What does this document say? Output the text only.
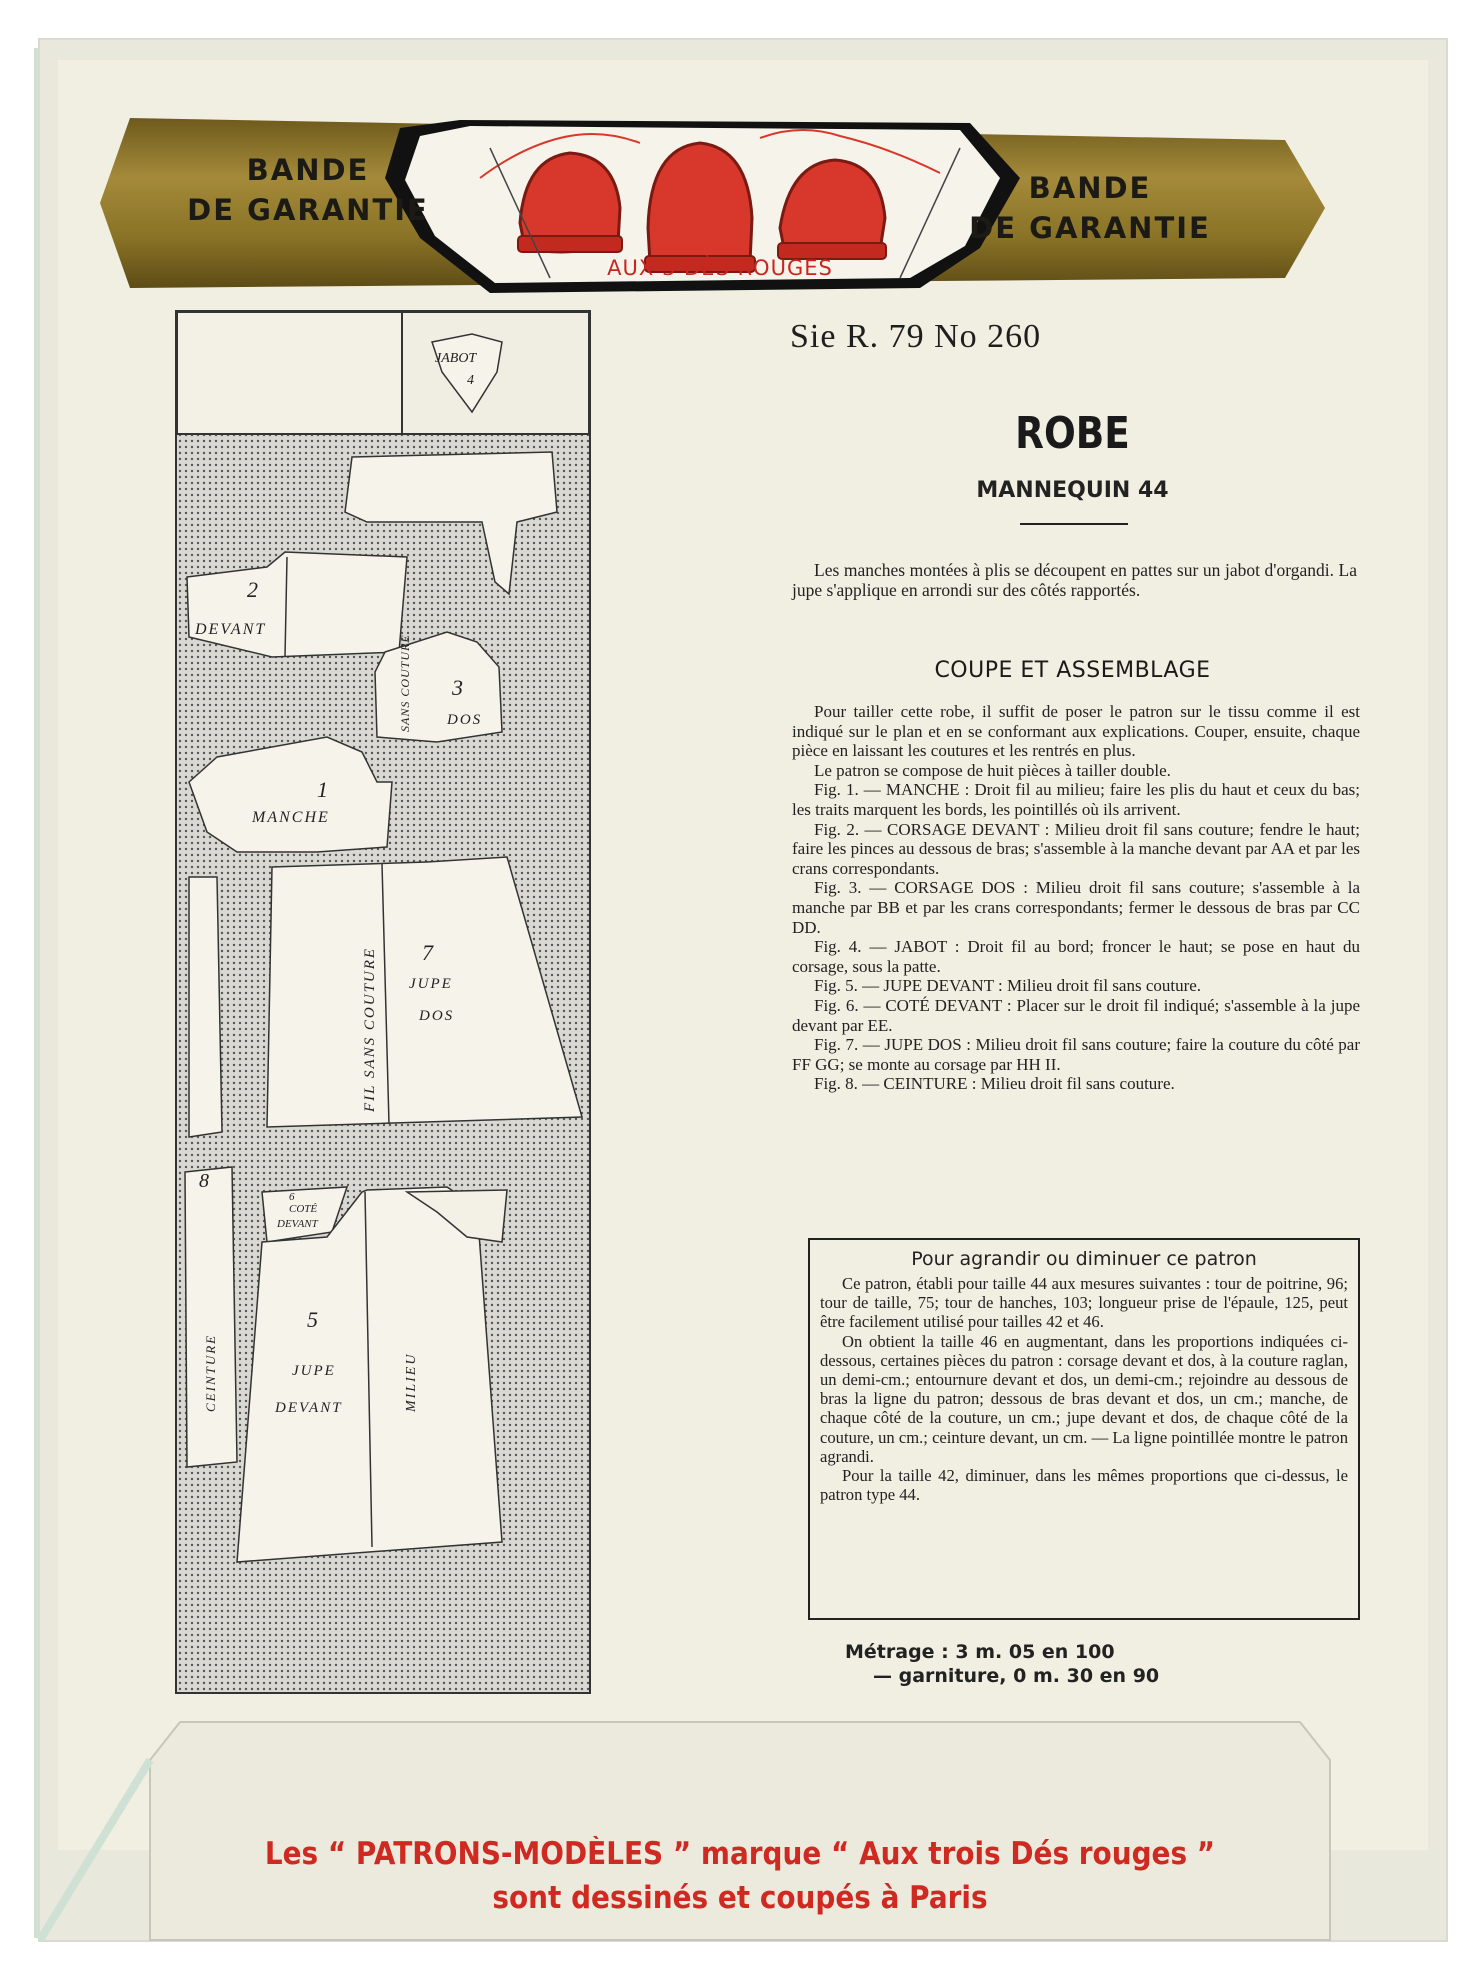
BANDE
DE GARANTIE
BANDE
DE GARANTIE
AUX 3 DÈS ROUGES
JABOT
4
2
DEVANT
3
DOS
SANS COUTURE
1
MANCHE
7
JUPE
DOS
FIL SANS COUTURE
8
CEINTURE
COTÉ
DEVANT
6
5
JUPE
DEVANT	MILIEU
Sie R. 79 No 260
ROBE
MANNEQUIN 44
Les manches montées à plis se découpent en pattes sur un jabot d'organdi. La jupe s'applique en arrondi sur des côtés rapportés.
COUPE ET ASSEMBLAGE

Pour tailler cette robe, il suffit de poser le patron sur le tissu comme il est indiqué sur le plan et en se conformant aux explications. Couper, ensuite, chaque pièce en laissant les coutures et les rentrés en plus.

Le patron se compose de huit pièces à tailler double.

Fig. 1. — MANCHE : Droit fil au milieu; faire les plis du haut et ceux du bas; les traits marquent les bords, les pointillés où ils arrivent.

Fig. 2. — CORSAGE DEVANT : Milieu droit fil sans couture; fendre le haut; faire les pinces au dessous de bras; s'assemble à la manche devant par AA et par les crans correspondants.

Fig. 3. — CORSAGE DOS : Milieu droit fil sans couture; s'assemble à la manche par BB et par les crans correspondants; fermer le dessous de bras par CC DD.

Fig. 4. — JABOT : Droit fil au bord; froncer le haut; se pose en haut du corsage, sous la patte.

Fig. 5. — JUPE DEVANT : Milieu droit fil sans couture.

Fig. 6. — COTÉ DEVANT : Placer sur le droit fil indiqué; s'assemble à la jupe devant par EE.

Fig. 7. — JUPE DOS : Milieu droit fil sans couture; faire la couture du côté par FF GG; se monte au corsage par HH II.

Fig. 8. — CEINTURE : Milieu droit fil sans couture.

Pour agrandir ou diminuer ce patron

Ce patron, établi pour taille 44 aux mesures suivantes : tour de poitrine, 96; tour de taille, 75; tour de hanches, 103; longueur prise de l'épaule, 125, peut être facilement utilisé pour tailles 42 et 46.

On obtient la taille 46 en augmentant, dans les proportions indiquées ci-dessous, certaines pièces du patron : corsage devant et dos, à la couture raglan, un demi-cm.; entournure devant et dos, un demi-cm.; rejoindre au dessous de bras la ligne du patron; dessous de bras devant et dos, un cm.; manche, de chaque côté de la couture, un cm.; jupe devant et dos, de chaque côté de la couture, un cm.; ceinture devant, un cm. — La ligne pointillée montre le patron agrandi.

Pour la taille 42, diminuer, dans les mêmes proportions que ci-dessus, le patron type 44.

Métrage : 3 m. 05 en 100
— garniture, 0 m. 30 en 90
Les “ PATRONS-MODÈLES ” marque “ Aux trois Dés rouges ”
sont dessinés et coupés à Paris
